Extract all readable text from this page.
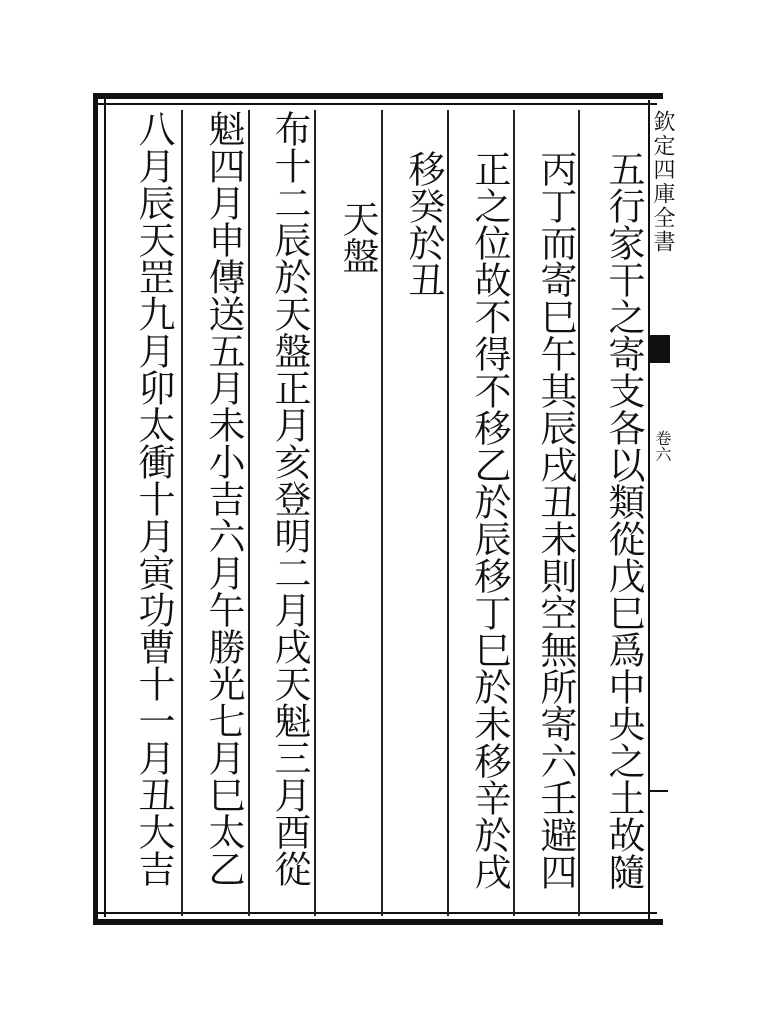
五行家干之寄支各以類從戊巳爲中央之土故隨
丙丁而寄巳午其辰戌丑未則空無所寄六壬避四
正之位故不得不移乙於辰移丁巳於未移辛於戌
移癸於丑
天盤
布十二辰於天盤正月亥登明二月戌天魁三月酉從
魁四月申傳送五月未小吉六月午勝光七月巳太乙
八月辰天罡九月卯太衝十月寅功曹十一月丑大吉	欽定四庫全書
卷六
